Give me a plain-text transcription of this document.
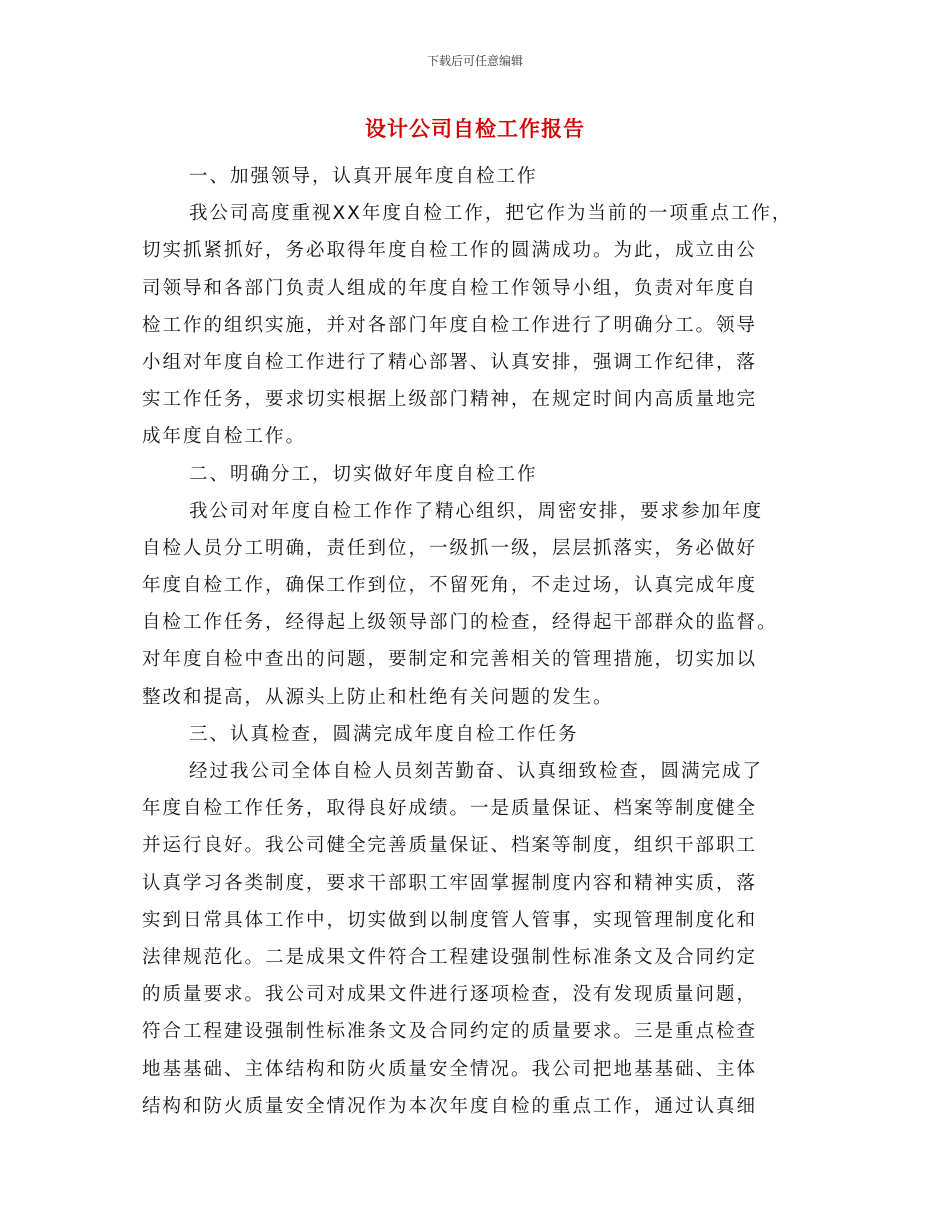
下载后可任意编辑
设计公司自检工作报告
一、加强领导，认真开展年度自检工作
我公司高度重视XX年度自检工作，把它作为当前的一项重点工作，
切实抓紧抓好，务必取得年度自检工作的圆满成功。为此，成立由公
司领导和各部门负责人组成的年度自检工作领导小组，负责对年度自
检工作的组织实施，并对各部门年度自检工作进行了明确分工。领导
小组对年度自检工作进行了精心部署、认真安排，强调工作纪律，落
实工作任务，要求切实根据上级部门精神，在规定时间内高质量地完
成年度自检工作。
二、明确分工，切实做好年度自检工作
我公司对年度自检工作作了精心组织，周密安排，要求参加年度
自检人员分工明确，责任到位，一级抓一级，层层抓落实，务必做好
年度自检工作，确保工作到位，不留死角，不走过场，认真完成年度
自检工作任务，经得起上级领导部门的检查，经得起干部群众的监督。
对年度自检中查出的问题，要制定和完善相关的管理措施，切实加以
整改和提高，从源头上防止和杜绝有关问题的发生。
三、认真检查，圆满完成年度自检工作任务
经过我公司全体自检人员刻苦勤奋、认真细致检查，圆满完成了
年度自检工作任务，取得良好成绩。一是质量保证、档案等制度健全
并运行良好。我公司健全完善质量保证、档案等制度，组织干部职工
认真学习各类制度，要求干部职工牢固掌握制度内容和精神实质，落
实到日常具体工作中，切实做到以制度管人管事，实现管理制度化和
法律规范化。二是成果文件符合工程建设强制性标准条文及合同约定
的质量要求。我公司对成果文件进行逐项检查，没有发现质量问题，
符合工程建设强制性标准条文及合同约定的质量要求。三是重点检查
地基基础、主体结构和防火质量安全情况。我公司把地基基础、主体
结构和防火质量安全情况作为本次年度自检的重点工作，通过认真细
